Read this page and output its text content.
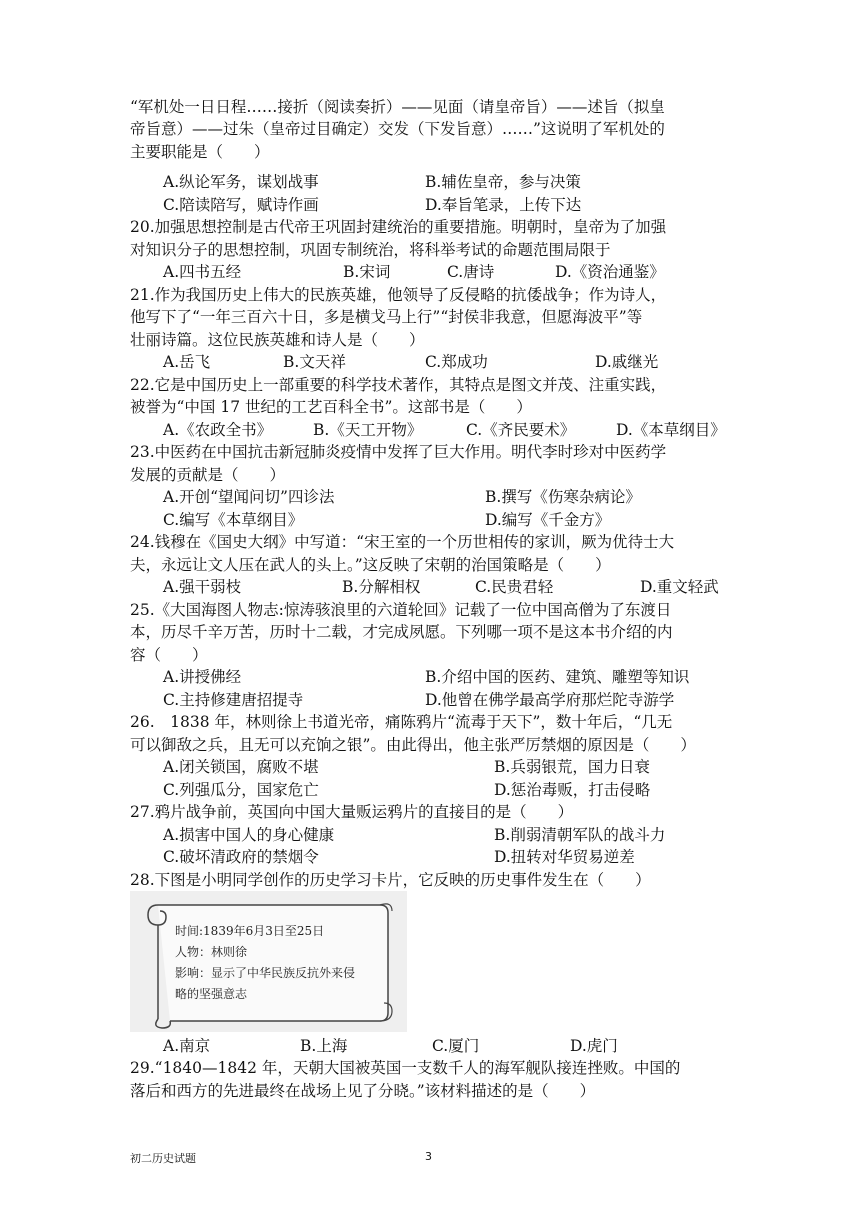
“军机处一日日程……接折（阅读奏折）——见面（请皇帝旨）——述旨（拟皇
帝旨意）——过朱（皇帝过目确定）交发（下发旨意）……”这说明了军机处的
主要职能是（　　）
A.纵论军务，谋划战事	B.辅佐皇帝，参与决策
C.陪读陪写，赋诗作画	D.奉旨笔录，上传下达
20.加强思想控制是古代帝王巩固封建统治的重要措施。明朝时，皇帝为了加强
对知识分子的思想控制，巩固专制统治，将科举考试的命题范围局限于
A.四书五经	B.宋词	C.唐诗	D.《资治通鉴》
21.作为我国历史上伟大的民族英雄，他领导了反侵略的抗倭战争；作为诗人，
他写下了“一年三百六十日，多是横戈马上行”“封侯非我意，但愿海波平”等
壮丽诗篇。这位民族英雄和诗人是（　　）
A.岳飞	B.文天祥	C.郑成功	D.戚继光
22.它是中国历史上一部重要的科学技术著作，其特点是图文并茂、注重实践，
被誉为“中国 17 世纪的工艺百科全书”。这部书是（　　）
A.《农政全书》	B.《天工开物》	C.《齐民要术》	D.《本草纲目》
23.中医药在中国抗击新冠肺炎疫情中发挥了巨大作用。明代李时珍对中医药学
发展的贡献是（　　）
A.开创“望闻问切”四诊法	B.撰写《伤寒杂病论》
C.编写《本草纲目》	D.编写《千金方》
24.钱穆在《国史大纲》中写道：“宋王室的一个历世相传的家训，厥为优待士大
夫，永远让文人压在武人的头上。”这反映了宋朝的治国策略是（　　）
A.强干弱枝	B.分解相权	C.民贵君轻	D.重文轻武
25.《大国海图人物志:惊涛骇浪里的六道轮回》记载了一位中国高僧为了东渡日
本，历尽千辛万苦，历时十二载，才完成夙愿。下列哪一项不是这本书介绍的内
容（　　）
A.讲授佛经	B.介绍中国的医药、建筑、雕塑等知识
C.主持修建唐招提寺	D.他曾在佛学最高学府那烂陀寺游学
26.　1838 年，林则徐上书道光帝，痛陈鸦片“流毒于天下”，数十年后，“几无
可以御敌之兵，且无可以充饷之银”。由此得出，他主张严厉禁烟的原因是（　　）
A.闭关锁国，腐败不堪	B.兵弱银荒，国力日衰
C.列强瓜分，国家危亡	D.惩治毒贩，打击侵略
27.鸦片战争前，英国向中国大量贩运鸦片的直接目的是（　　）
A.损害中国人的身心健康	B.削弱清朝军队的战斗力
C.破坏清政府的禁烟令	D.扭转对华贸易逆差
28.下图是小明同学创作的历史学习卡片，它反映的历史事件发生在（　　）
时间:1839年6月3日至25日
人物：林则徐
影响：显示了中华民族反抗外来侵
略的坚强意志
A.南京	B.上海	C.厦门	D.虎门
29.“1840—1842 年，天朝大国被英国一支数千人的海军舰队接连挫败。中国的
落后和西方的先进最终在战场上见了分晓。”该材料描述的是（　　）
初二历史试题	3
